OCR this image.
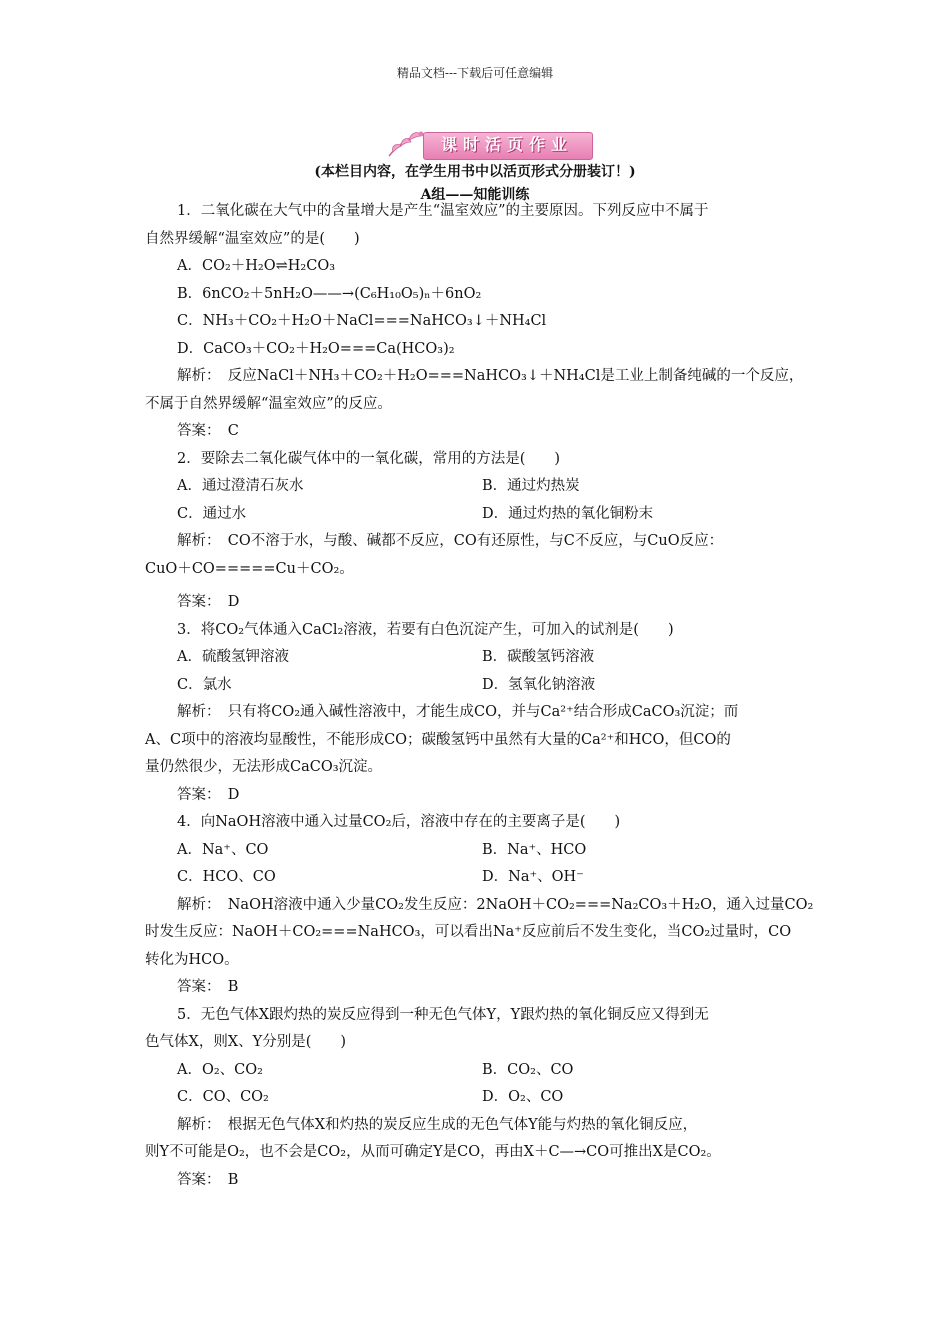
精品文档---下载后可任意编辑
课时活页作业
(本栏目内容，在学生用书中以活页形式分册装订！)
A组——知能训练

1．二氧化碳在大气中的含量增大是产生“温室效应”的主要原因。下列反应中不属于

自然界缓解“温室效应”的是(　　)

A．CO₂＋H₂O⇌H₂CO₃

B．6nCO₂＋5nH₂O——→(C₆H₁₀O₅)ₙ＋6nO₂

C．NH₃＋CO₂＋H₂O＋NaCl===NaHCO₃↓＋NH₄Cl

D．CaCO₃＋CO₂＋H₂O===Ca(HCO₃)₂

解析：　反应NaCl＋NH₃＋CO₂＋H₂O===NaHCO₃↓＋NH₄Cl是工业上制备纯碱的一个反应，

不属于自然界缓解“温室效应”的反应。

答案：　C

2．要除去二氧化碳气体中的一氧化碳，常用的方法是(　　)

A．通过澄清石灰水	B．通过灼热炭
C．通过水	D．通过灼热的氧化铜粉末

解析：　CO不溶于水，与酸、碱都不反应，CO有还原性，与C不反应，与CuO反应：

CuO＋CO=====Cu＋CO₂。

答案：　D

3．将CO₂气体通入CaCl₂溶液，若要有白色沉淀产生，可加入的试剂是(　　)

A．硫酸氢钾溶液	B．碳酸氢钙溶液
C．氯水	D．氢氧化钠溶液

解析：　只有将CO₂通入碱性溶液中，才能生成CO，并与Ca²⁺结合形成CaCO₃沉淀；而

A、C项中的溶液均显酸性，不能形成CO；碳酸氢钙中虽然有大量的Ca²⁺和HCO，但CO的

量仍然很少，无法形成CaCO₃沉淀。

答案：　D

4．向NaOH溶液中通入过量CO₂后，溶液中存在的主要离子是(　　)

A．Na⁺、CO	B．Na⁺、HCO
C．HCO、CO	D．Na⁺、OH⁻

解析：　NaOH溶液中通入少量CO₂发生反应：2NaOH＋CO₂===Na₂CO₃＋H₂O，通入过量CO₂

时发生反应：NaOH＋CO₂===NaHCO₃，可以看出Na⁺反应前后不发生变化，当CO₂过量时，CO

转化为HCO。

答案：　B

5．无色气体X跟灼热的炭反应得到一种无色气体Y，Y跟灼热的氧化铜反应又得到无

色气体X，则X、Y分别是(　　)

A．O₂、CO₂	B．CO₂、CO
C．CO、CO₂	D．O₂、CO

解析：　根据无色气体X和灼热的炭反应生成的无色气体Y能与灼热的氧化铜反应，

则Y不可能是O₂，也不会是CO₂，从而可确定Y是CO，再由X＋C—→CO可推出X是CO₂。

答案：　B
